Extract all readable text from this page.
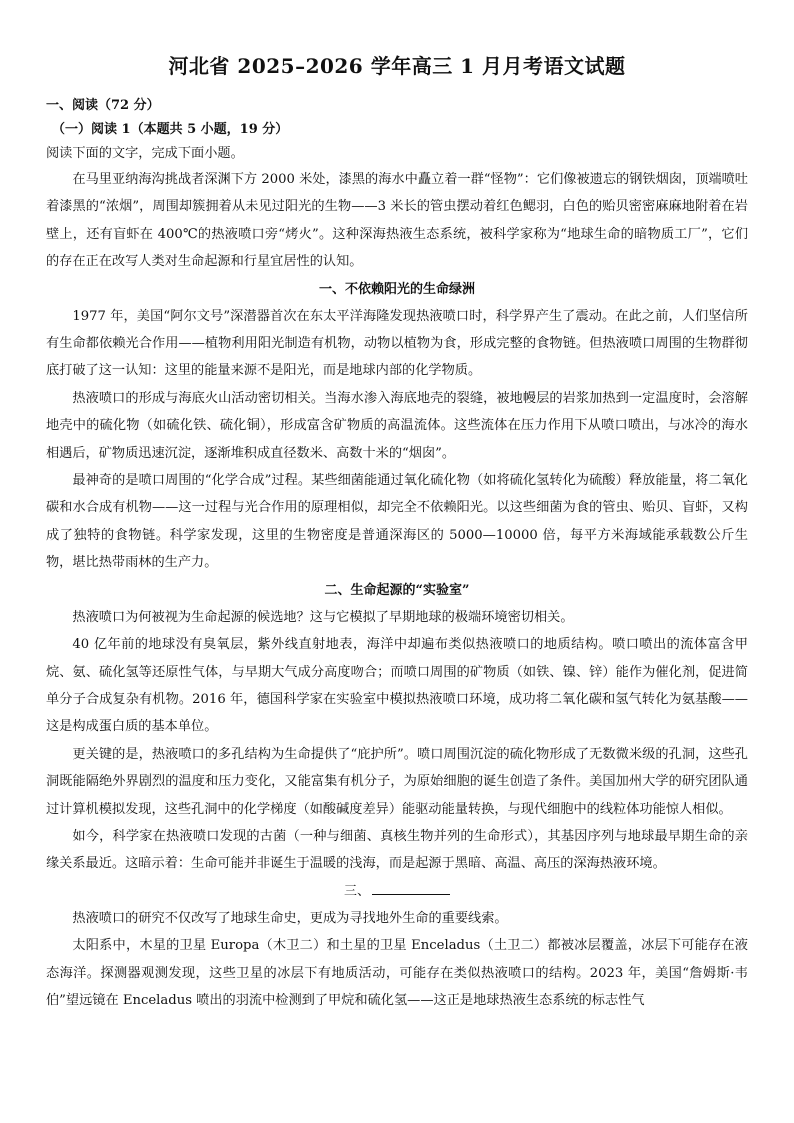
河北省 2025–2026 学年高三 1 月月考语文试题

一、阅读（72 分）

（一）阅读 1（本题共 5 小题，19 分）

阅读下面的文字，完成下面小题。

在马里亚纳海沟挑战者深渊下方 2000 米处，漆黑的海水中矗立着一群“怪物”：它们像被遗忘的钢铁烟囱，顶端喷吐着漆黑的“浓烟”，周围却簇拥着从未见过阳光的生物——3 米长的管虫摆动着红色鳃羽，白色的贻贝密密麻麻地附着在岩壁上，还有盲虾在 400℃的热液喷口旁“烤火”。这种深海热液生态系统，被科学家称为“地球生命的暗物质工厂”，它们的存在正在改写人类对生命起源和行星宜居性的认知。

一、不依赖阳光的生命绿洲

1977 年，美国“阿尔文号”深潜器首次在东太平洋海隆发现热液喷口时，科学界产生了震动。在此之前，人们坚信所有生命都依赖光合作用——植物利用阳光制造有机物，动物以植物为食，形成完整的食物链。但热液喷口周围的生物群彻底打破了这一认知：这里的能量来源不是阳光，而是地球内部的化学物质。

热液喷口的形成与海底火山活动密切相关。当海水渗入海底地壳的裂缝，被地幔层的岩浆加热到一定温度时，会溶解地壳中的硫化物（如硫化铁、硫化铜），形成富含矿物质的高温流体。这些流体在压力作用下从喷口喷出，与冰冷的海水相遇后，矿物质迅速沉淀，逐渐堆积成直径数米、高数十米的“烟囱”。

最神奇的是喷口周围的“化学合成”过程。某些细菌能通过氧化硫化物（如将硫化氢转化为硫酸）释放能量，将二氧化碳和水合成有机物——这一过程与光合作用的原理相似，却完全不依赖阳光。以这些细菌为食的管虫、贻贝、盲虾，又构成了独特的食物链。科学家发现，这里的生物密度是普通深海区的 5000—10000 倍，每平方米海域能承载数公斤生物，堪比热带雨林的生产力。

二、生命起源的“实验室”

热液喷口为何被视为生命起源的候选地？这与它模拟了早期地球的极端环境密切相关。

40 亿年前的地球没有臭氧层，紫外线直射地表，海洋中却遍布类似热液喷口的地质结构。喷口喷出的流体富含甲烷、氨、硫化氢等还原性气体，与早期大气成分高度吻合；而喷口周围的矿物质（如铁、镍、锌）能作为催化剂，促进简单分子合成复杂有机物。2016 年，德国科学家在实验室中模拟热液喷口环境，成功将二氧化碳和氢气转化为氨基酸——这是构成蛋白质的基本单位。

更关键的是，热液喷口的多孔结构为生命提供了“庇护所”。喷口周围沉淀的硫化物形成了无数微米级的孔洞，这些孔洞既能隔绝外界剧烈的温度和压力变化，又能富集有机分子，为原始细胞的诞生创造了条件。美国加州大学的研究团队通过计算机模拟发现，这些孔洞中的化学梯度（如酸碱度差异）能驱动能量转换，与现代细胞中的线粒体功能惊人相似。

如今，科学家在热液喷口发现的古菌（一种与细菌、真核生物并列的生命形式），其基因序列与地球最早期生命的亲缘关系最近。这暗示着：生命可能并非诞生于温暖的浅海，而是起源于黑暗、高温、高压的深海热液环境。

三、

热液喷口的研究不仅改写了地球生命史，更成为寻找地外生命的重要线索。

太阳系中，木星的卫星 Europa（木卫二）和土星的卫星 Enceladus（土卫二）都被冰层覆盖，冰层下可能存在液态海洋。探测器观测发现，这些卫星的冰层下有地质活动，可能存在类似热液喷口的结构。2023 年，美国“詹姆斯·韦伯”望远镜在 Enceladus 喷出的羽流中检测到了甲烷和硫化氢——这正是地球热液生态系统的标志性气
